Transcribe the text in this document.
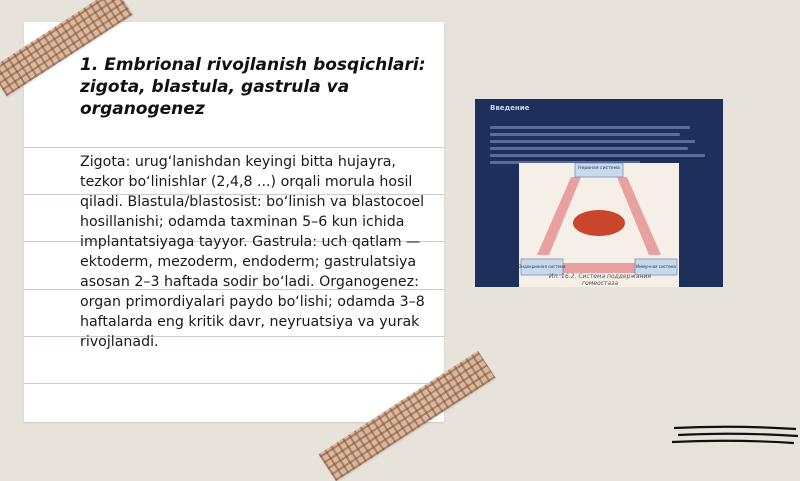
1. Embrional rivojlanish bosqichlari: zigota, blastula, gastrula va organogenez

Zigota: urugʻlanishdan keyingi bitta hujayra, tezkor boʻlinishlar (2,4,8 ...) orqali morula hosil qiladi. Blastula/blastosist: boʻlinish va blastocoel hosillanishi; odamda taxminan 5–6 kun ichida implantatsiyaga tayyor. Gastrula: uch qatlam — ektoderm, mezoderm, endoderm; gastrulatsiya asosan 2–3 haftada sodir boʻladi. Organogenez: organ primordiyalari paydo boʻlishi; odamda 3–8 haftalarda eng kritik davr, neyruatsiya va yurak rivojlanadi.

Введение

Нервная система
Эндокринная система	Иммунная система

Ил. 16.2. Система поддержания гомеостаза
